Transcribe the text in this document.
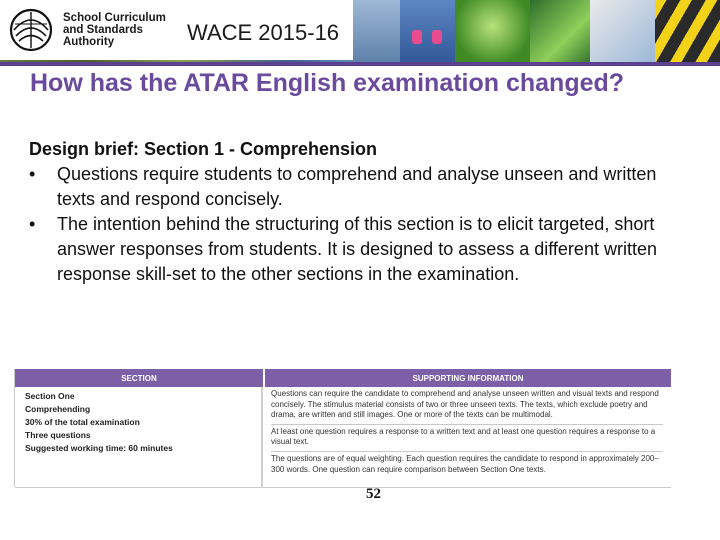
School Curriculum
and Standards
Authority	WACE 2015-16
How has the ATAR English examination changed?
Design brief: Section 1 - Comprehension
• Questions require students to comprehend and analyse unseen and written texts and respond concisely.
• The intention behind the structuring of this section is to elicit targeted, short answer responses from students. It is designed to assess a different written response skill-set to the other sections in the examination.
SECTION	SUPPORTING INFORMATION
Section One
Comprehending
30% of the total examination
Three questions
Suggested working time: 60 minutes

Questions can require the candidate to comprehend and analyse unseen written and visual texts and respond concisely. The stimulus material consists of two or three unseen texts. The texts, which exclude poetry and drama, are written and still images. One or more of the texts can be multimodal.

At least one question requires a response to a written text and at least one question requires a response to a visual text.

The questions are of equal weighting. Each question requires the candidate to respond in approximately 200–300 words. One question can require comparison between Section One texts.

52
